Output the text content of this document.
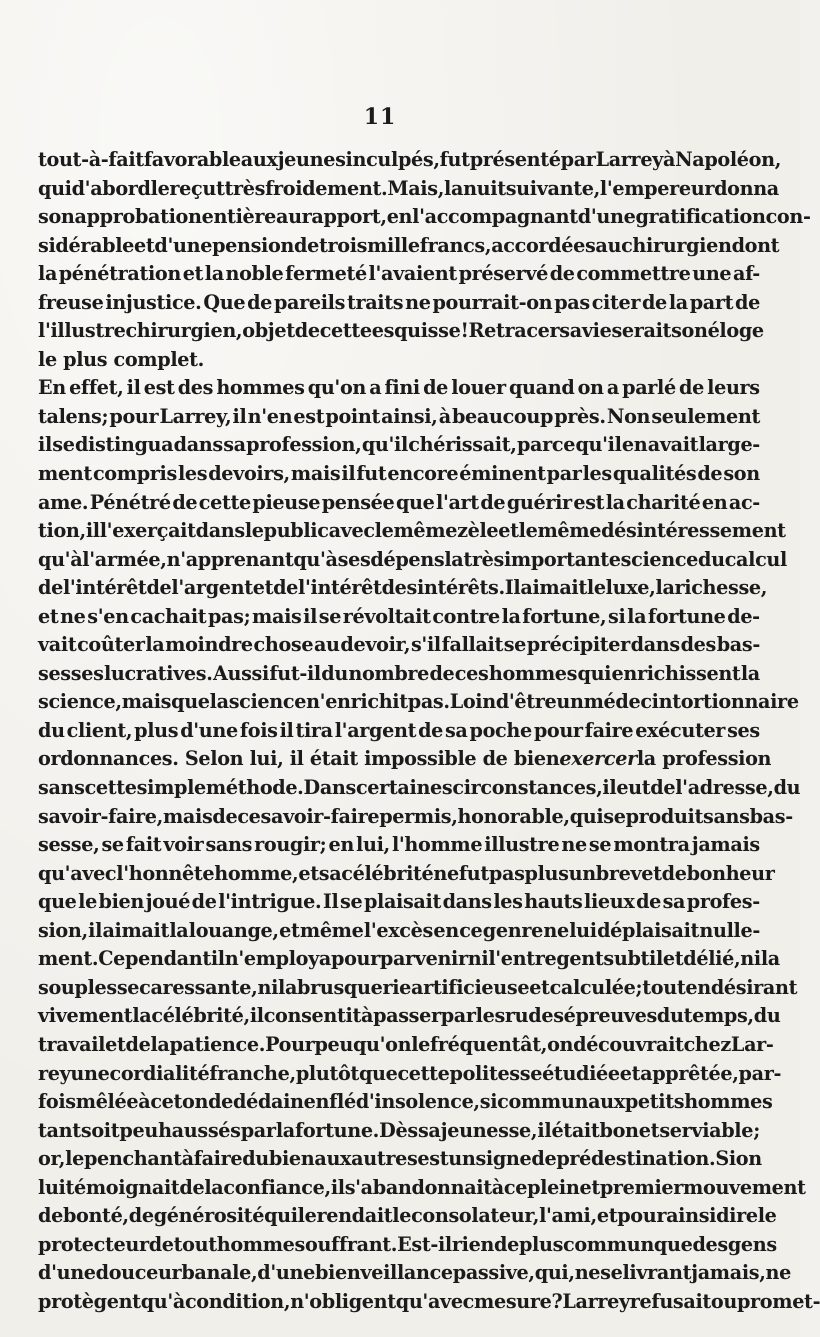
11
tout-à-fait favorable aux jeunes inculpés, fut présenté par Larrey à Napoléon,
qui d'abord le reçut très froidement. Mais, la nuit suivante, l'empereur donna
son approbation entière au rapport, en l'accompagnant d'une gratification con-
sidérable et d'une pension de trois mille francs, accordées au chirurgien dont
la pénétration et la noble fermeté l'avaient préservé de commettre une af-
freuse injustice. Que de pareils traits ne pourrait-on pas citer de la part de
l'illustre chirurgien, objet de cette esquisse ! Retracer sa vie serait son éloge
le plus complet.
En effet, il est des hommes qu'on a fini de louer quand on a parlé de leurs
talens; pour Larrey, il n'en est point ainsi, à beaucoup près. Non seulement
il se distingua dans sa profession, qu'il chérissait, parce qu'il en avait large-
ment compris les devoirs, mais il fut encore éminent par les qualités de son
ame. Pénétré de cette pieuse pensée que l'art de guérir est la charité en ac-
tion, il l'exerçait dans le public avec le même zèle et le même désintéressement
qu'à l'armée, n'apprenant qu'à ses dépens la très importante science du calcul
de l'intérêt de l'argent et de l'intérêt des intérêts. Il aimait le luxe, la richesse,
et ne s'en cachait pas; mais il se révoltait contre la fortune, si la fortune de-
vait coûter la moindre chose au devoir, s'il fallait se précipiter dans des bas-
sesses lucratives. Aussi fut-il du nombre de ces hommes qui enrichissent la
science, mais que la science n'enrichit pas. Loin d'être un médecin tortionnaire
du client, plus d'une fois il tira l'argent de sa poche pour faire exécuter ses
ordonnances. Selon lui, il était impossible de bien exercer la profession
sans cette simple méthode. Dans certaines circonstances, il eut de l'adresse, du
savoir-faire, mais de ce savoir-faire permis, honorable, qui se produit sans bas-
sesse, se fait voir sans rougir; en lui, l'homme illustre ne se montra jamais
qu'avec l'honnête homme, et sa célébrité ne fut pas plus un brevet de bonheur
que le bien joué de l'intrigue. Il se plaisait dans les hauts lieux de sa profes-
sion, il aimait la louange, et même l'excès en ce genre ne lui déplaisait nulle-
ment. Cependant il n'employa pour parvenir ni l'entregent subtil et délié, ni la
souplesse caressante, ni la brusquerie artificieuse et calculée; tout en désirant
vivement la célébrité, il consentit à passer par les rudes épreuves du temps, du
travail et de la patience. Pour peu qu'on le fréquentât, on découvrait chez Lar-
rey une cordialité franche, plutôt que cette politesse étudiée et apprêtée, par-
fois mêlée à ce ton de dédain enflé d'insolence, si commun aux petits hommes
tant soit peu haussés par la fortune. Dès sa jeunesse, il était bon et serviable ;
or, le penchant à faire du bien aux autres est un signe de prédestination. Si on
lui témoignait de la confiance, il s'abandonnait à ce plein et premier mouvement
de bonté, de générosité qui le rendait le consolateur, l'ami, et pour ainsi dire le
protecteur de tout homme souffrant. Est-il rien de plus commun que des gens
d'une douceur banale, d'une bienveillance passive, qui, ne se livrant jamais, ne
protègent qu'à condition, n'obligent qu'avec mesure? Larrey refusait ou promet-
